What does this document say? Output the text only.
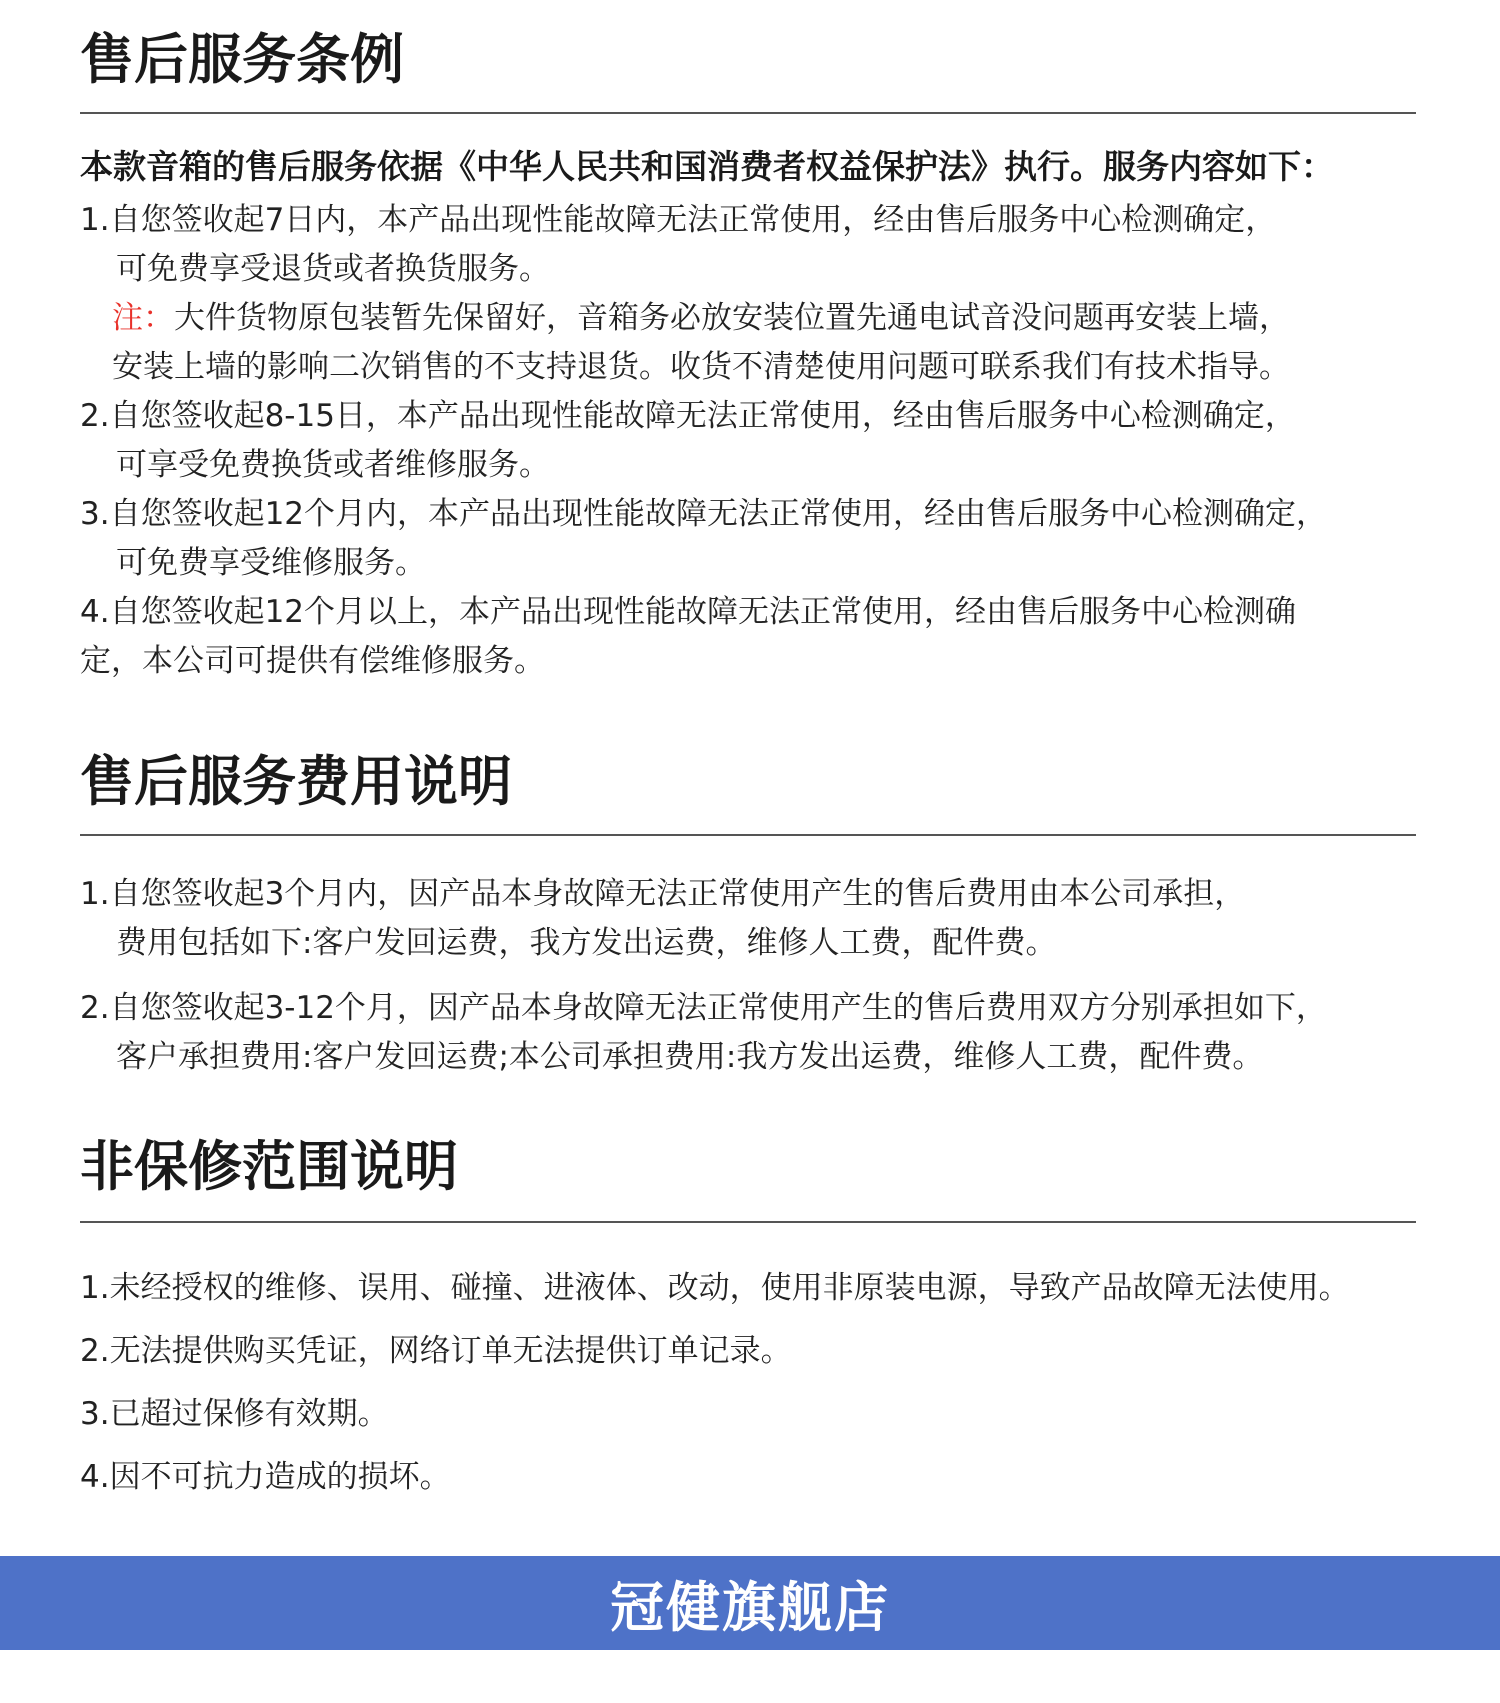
售后服务条例
本款音箱的售后服务依据《中华人民共和国消费者权益保护法》执行。服务内容如下：
1.自您签收起7日内，本产品出现性能故障无法正常使用，经由售后服务中心检测确定，
可免费享受退货或者换货服务。
注：大件货物原包装暂先保留好，音箱务必放安装位置先通电试音没问题再安装上墙，
安装上墙的影响二次销售的不支持退货。收货不清楚使用问题可联系我们有技术指导。
2.自您签收起8-15日，本产品出现性能故障无法正常使用，经由售后服务中心检测确定，
可享受免费换货或者维修服务。
3.自您签收起12个月内，本产品出现性能故障无法正常使用，经由售后服务中心检测确定，
可免费享受维修服务。
4.自您签收起12个月以上，本产品出现性能故障无法正常使用，经由售后服务中心检测确
定，本公司可提供有偿维修服务。
售后服务费用说明
1.自您签收起3个月内，因产品本身故障无法正常使用产生的售后费用由本公司承担，
费用包括如下:客户发回运费，我方发出运费，维修人工费，配件费。
2.自您签收起3-12个月，因产品本身故障无法正常使用产生的售后费用双方分别承担如下，
客户承担费用:客户发回运费;本公司承担费用:我方发出运费，维修人工费，配件费。
非保修范围说明
1.未经授权的维修、误用、碰撞、进液体、改动，使用非原装电源，导致产品故障无法使用。
2.无法提供购买凭证，网络订单无法提供订单记录。
3.已超过保修有效期。
4.因不可抗力造成的损坏。
冠健旗舰店
